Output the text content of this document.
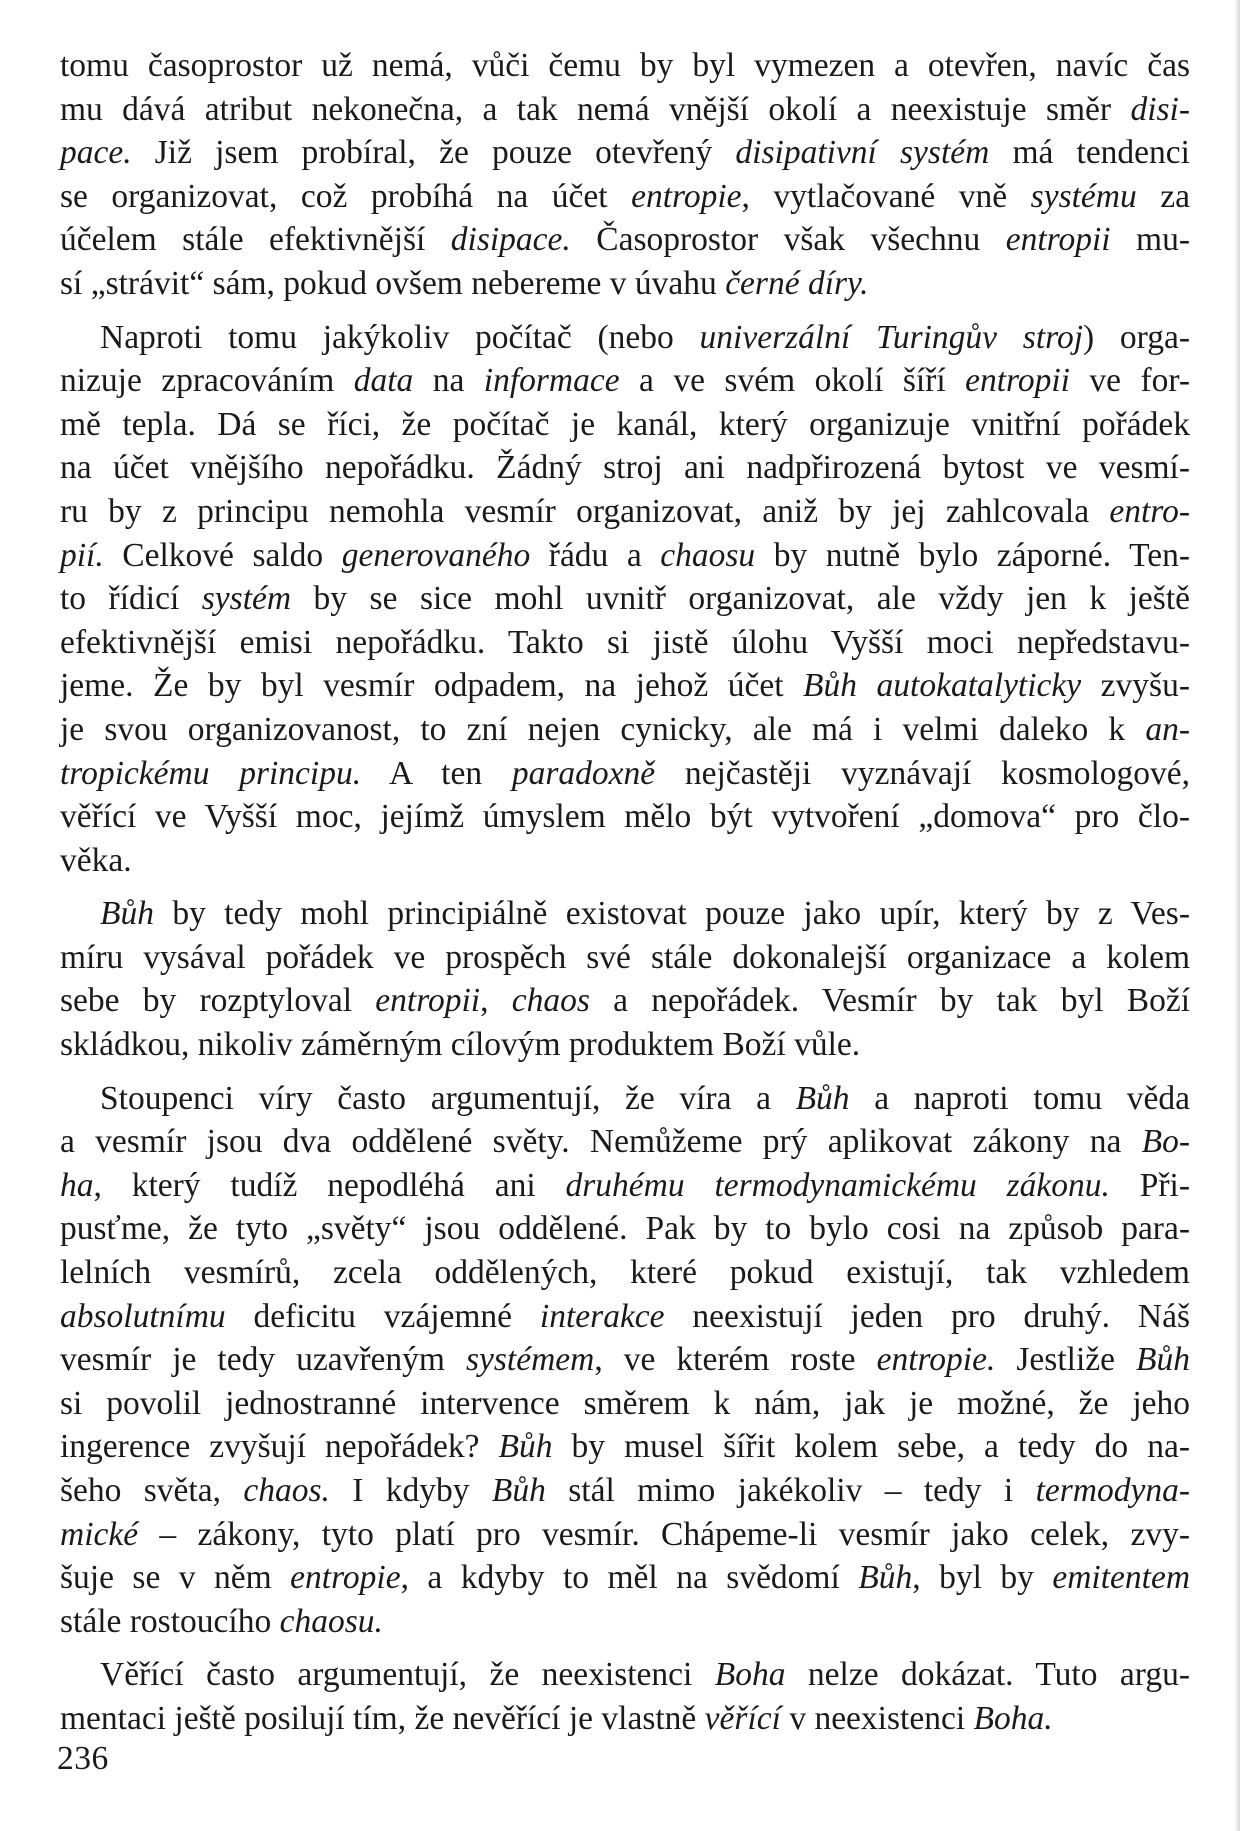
tomu časoprostor už nemá, vůči čemu by byl vymezen a otevřen, navíc čas
mu dává atribut nekonečna, a tak nemá vnější okolí a neexistuje směr disi-
pace. Již jsem probíral, že pouze otevřený disipativní systém má tendenci
se organizovat, což probíhá na účet entropie, vytlačované vně systému za
účelem stále efektivnější disipace. Časoprostor však všechnu entropii mu-
sí „strávit“ sám, pokud ovšem nebereme v úvahu černé díry.
Naproti tomu jakýkoliv počítač (nebo univerzální Turingův stroj) orga-
nizuje zpracováním data na informace a ve svém okolí šíří entropii ve for-
mě tepla. Dá se říci, že počítač je kanál, který organizuje vnitřní pořádek
na účet vnějšího nepořádku. Žádný stroj ani nadpřirozená bytost ve vesmí-
ru by z principu nemohla vesmír organizovat, aniž by jej zahlcovala entro-
pií. Celkové saldo generovaného řádu a chaosu by nutně bylo záporné. Ten-
to řídicí systém by se sice mohl uvnitř organizovat, ale vždy jen k ještě
efektivnější emisi nepořádku. Takto si jistě úlohu Vyšší moci nepředstavu-
jeme. Že by byl vesmír odpadem, na jehož účet Bůh autokatalyticky zvyšu-
je svou organizovanost, to zní nejen cynicky, ale má i velmi daleko k an-
tropickému principu. A ten paradoxně nejčastěji vyznávají kosmologové,
věřící ve Vyšší moc, jejímž úmyslem mělo být vytvoření „domova“ pro člo-
věka.
Bůh by tedy mohl principiálně existovat pouze jako upír, který by z Ves-
míru vysával pořádek ve prospěch své stále dokonalejší organizace a kolem
sebe by rozptyloval entropii, chaos a nepořádek. Vesmír by tak byl Boží
skládkou, nikoliv záměrným cílovým produktem Boží vůle.
Stoupenci víry často argumentují, že víra a Bůh a naproti tomu věda
a vesmír jsou dva oddělené světy. Nemůžeme prý aplikovat zákony na Bo-
ha, který tudíž nepodléhá ani druhému termodynamickému zákonu. Při-
pusťme, že tyto „světy“ jsou oddělené. Pak by to bylo cosi na způsob para-
lelních vesmírů, zcela oddělených, které pokud existují, tak vzhledem
absolutnímu deficitu vzájemné interakce neexistují jeden pro druhý. Náš
vesmír je tedy uzavřeným systémem, ve kterém roste entropie. Jestliže Bůh
si povolil jednostranné intervence směrem k nám, jak je možné, že jeho
ingerence zvyšují nepořádek? Bůh by musel šířit kolem sebe, a tedy do na-
šeho světa, chaos. I kdyby Bůh stál mimo jakékoliv – tedy i termodyna-
mické – zákony, tyto platí pro vesmír. Chápeme-li vesmír jako celek, zvy-
šuje se v něm entropie, a kdyby to měl na svědomí Bůh, byl by emitentem
stále rostoucího chaosu.
Věřící často argumentují, že neexistenci Boha nelze dokázat. Tuto argu-
mentaci ještě posilují tím, že nevěřící je vlastně věřící v neexistenci Boha.
236
